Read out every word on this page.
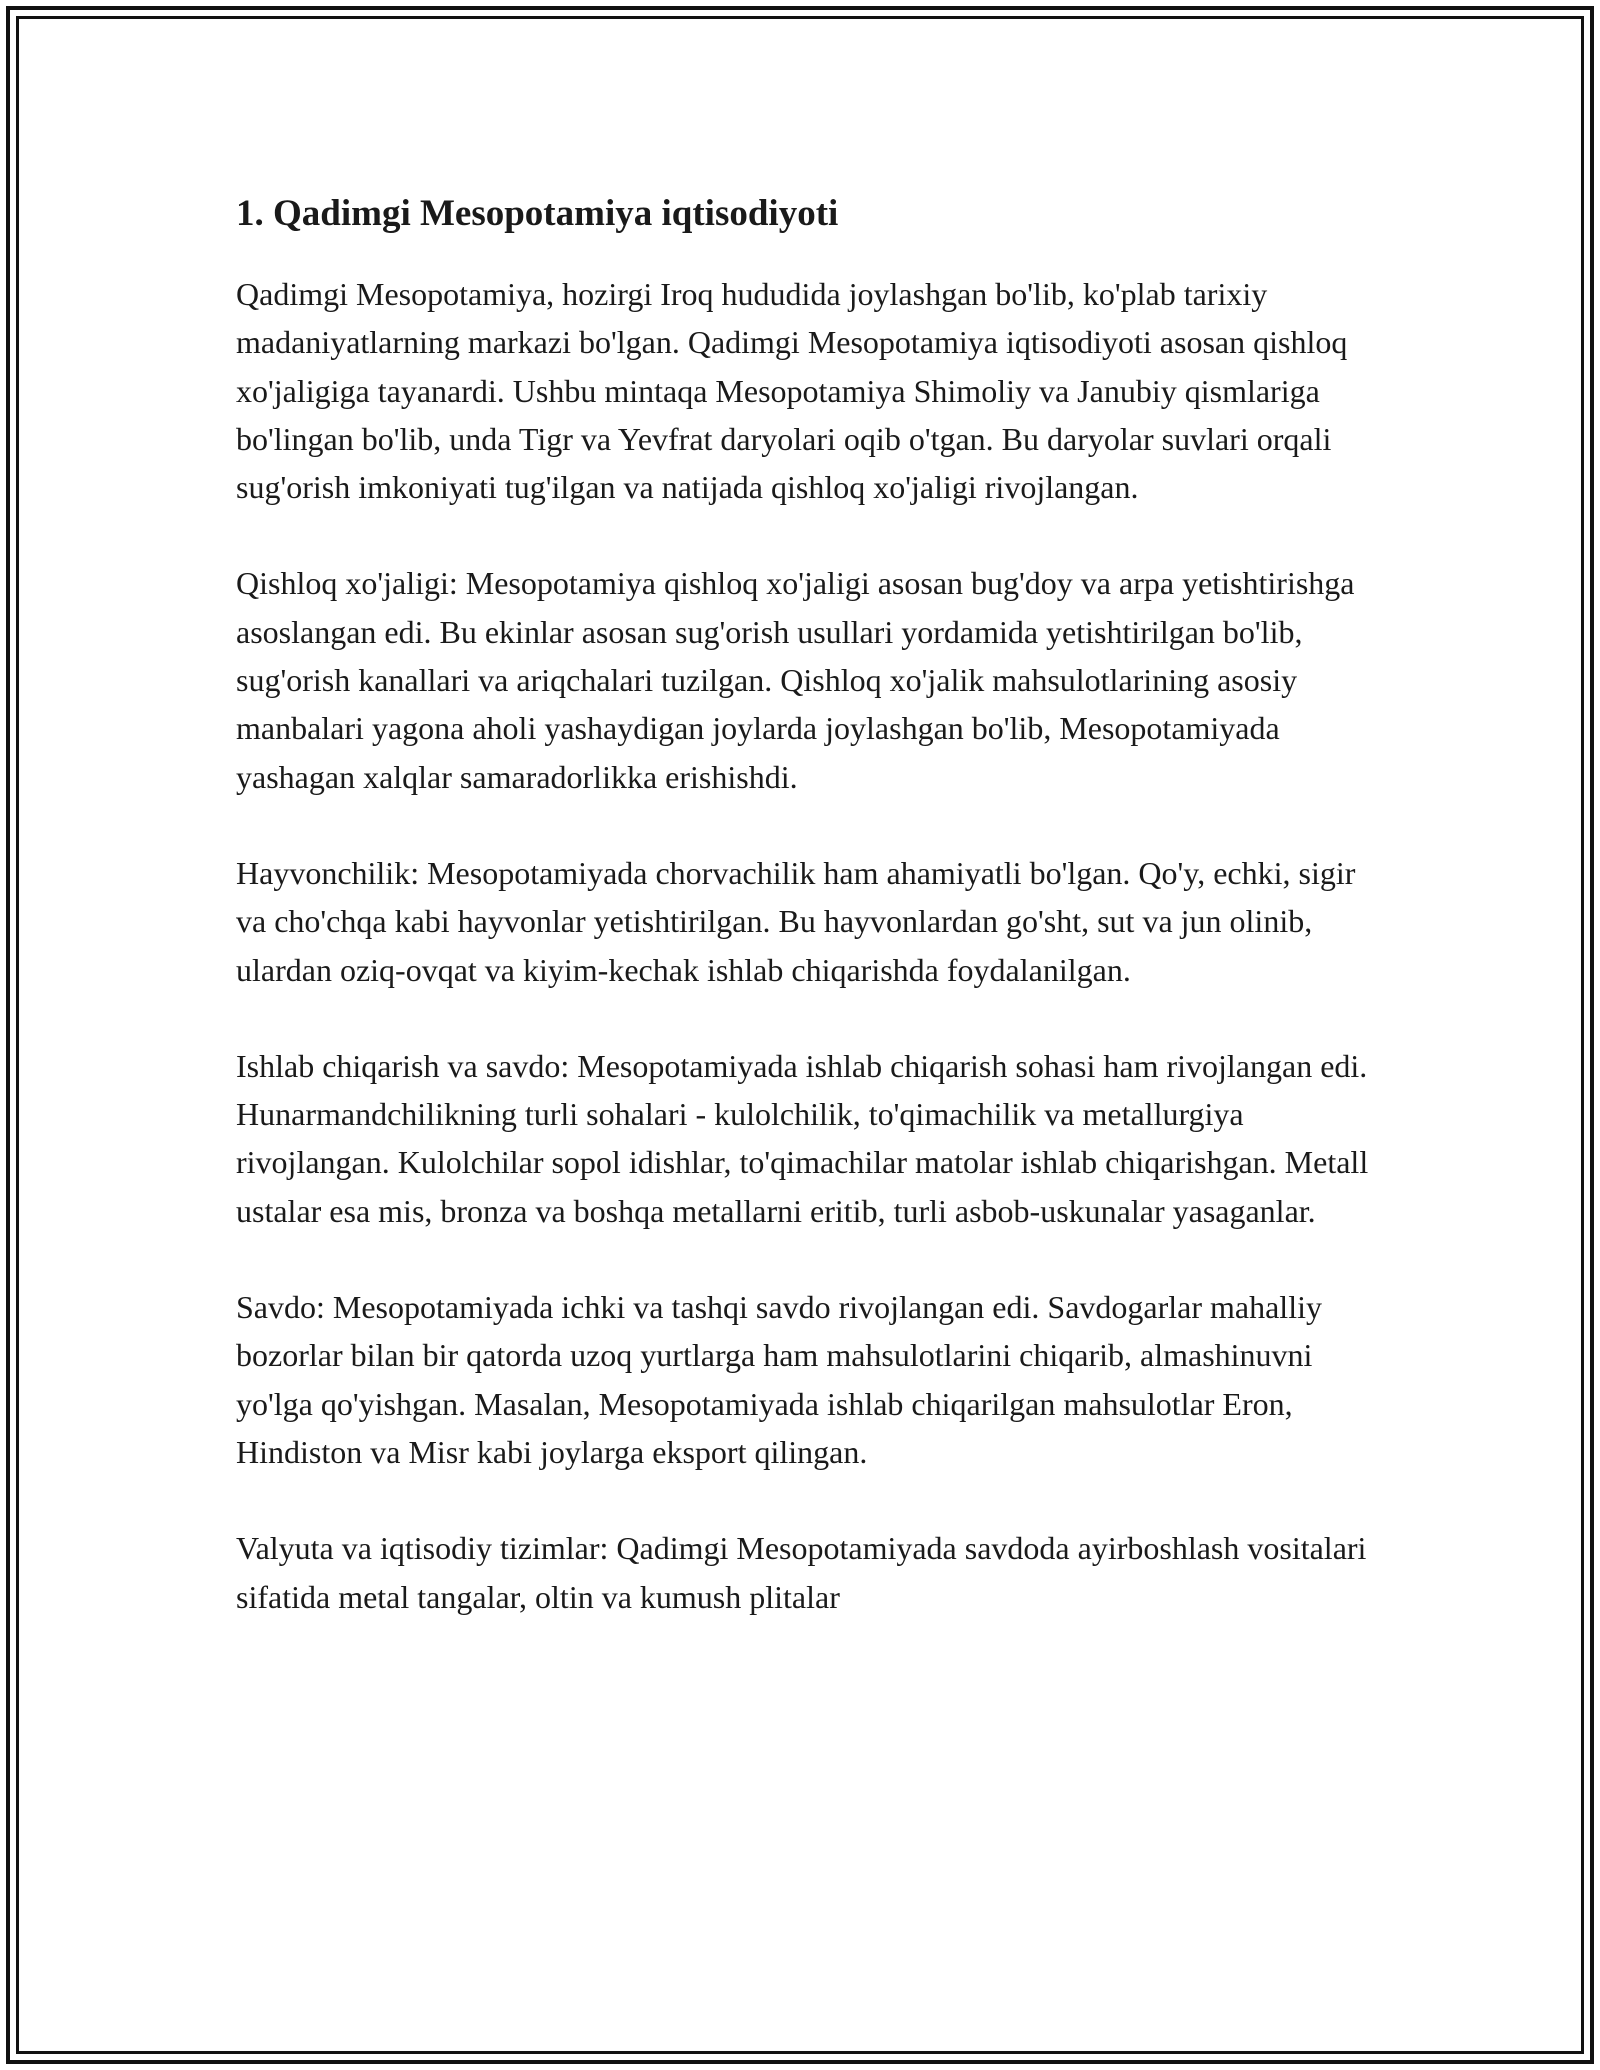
1. Qadimgi Mesopotamiya iqtisodiyoti

Qadimgi Mesopotamiya, hozirgi Iroq hududida joylashgan bo'lib, ko'plab tarixiy madaniyatlarning markazi bo'lgan. Qadimgi Mesopotamiya iqtisodiyoti asosan qishloq xo'jaligiga tayanardi. Ushbu mintaqa Mesopotamiya Shimoliy va Janubiy qismlariga bo'lingan bo'lib, unda Tigr va Yevfrat daryolari oqib o'tgan. Bu daryolar suvlari orqali sug'orish imkoniyati tug'ilgan va natijada qishloq xo'jaligi rivojlangan.

Qishloq xo'jaligi: Mesopotamiya qishloq xo'jaligi asosan bug'doy va arpa yetishtirishga asoslangan edi. Bu ekinlar asosan sug'orish usullari yordamida yetishtirilgan bo'lib, sug'orish kanallari va ariqchalari tuzilgan. Qishloq xo'jalik mahsulotlarining asosiy manbalari yagona aholi yashaydigan joylarda joylashgan bo'lib, Mesopotamiyada yashagan xalqlar samaradorlikka erishishdi.

Hayvonchilik: Mesopotamiyada chorvachilik ham ahamiyatli bo'lgan. Qo'y, echki, sigir va cho'chqa kabi hayvonlar yetishtirilgan. Bu hayvonlardan go'sht, sut va jun olinib, ulardan oziq-ovqat va kiyim-kechak ishlab chiqarishda foydalanilgan.

Ishlab chiqarish va savdo: Mesopotamiyada ishlab chiqarish sohasi ham rivojlangan edi. Hunarmandchilikning turli sohalari - kulolchilik, to'qimachilik va metallurgiya rivojlangan. Kulolchilar sopol idishlar, to'qimachilar matolar ishlab chiqarishgan. Metall ustalar esa mis, bronza va boshqa metallarni eritib, turli asbob-uskunalar yasaganlar.

Savdo: Mesopotamiyada ichki va tashqi savdo rivojlangan edi. Savdogarlar mahalliy bozorlar bilan bir qatorda uzoq yurtlarga ham mahsulotlarini chiqarib, almashinuvni yo'lga qo'yishgan. Masalan, Mesopotamiyada ishlab chiqarilgan mahsulotlar Eron, Hindiston va Misr kabi joylarga eksport qilingan.

Valyuta va iqtisodiy tizimlar: Qadimgi Mesopotamiyada savdoda ayirboshlash vositalari sifatida metal tangalar, oltin va kumush plitalar
